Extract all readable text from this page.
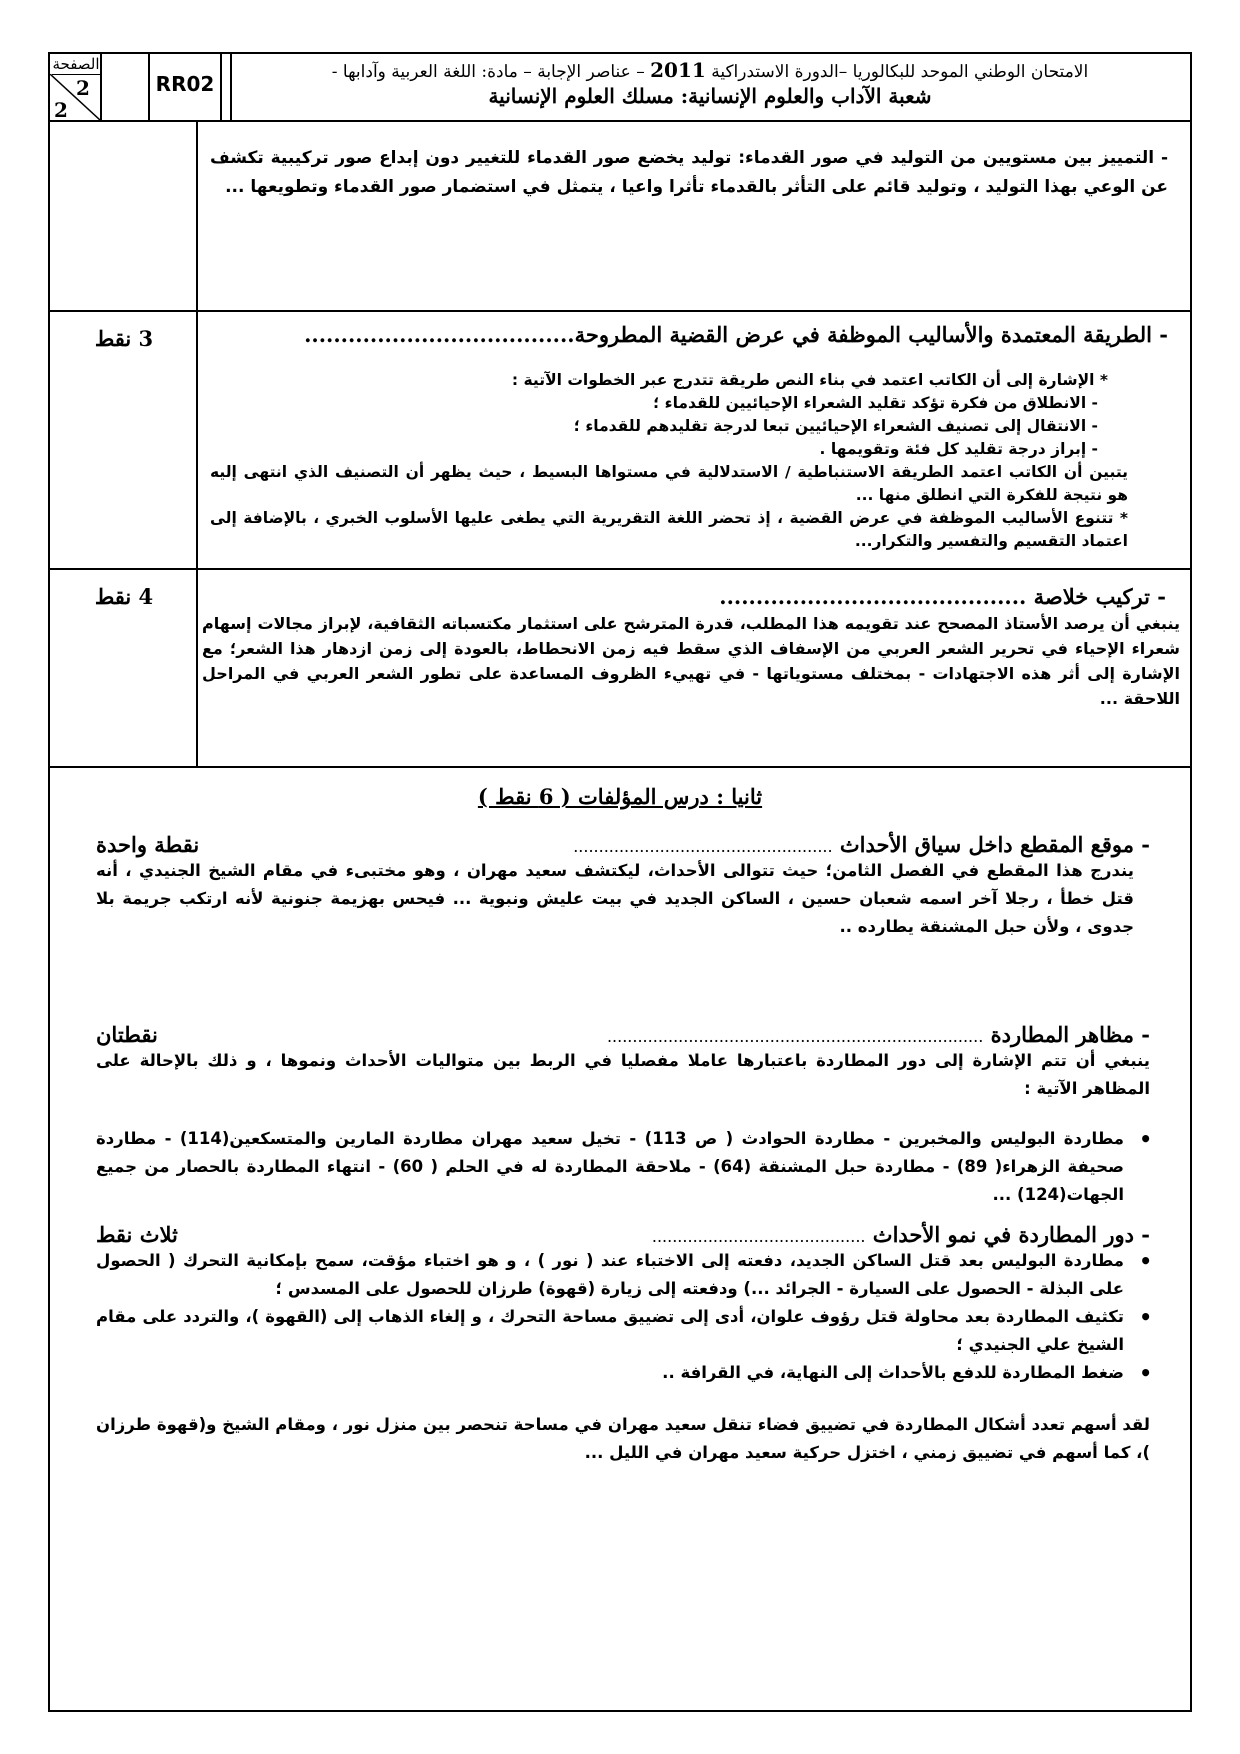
الصفحة
2
2
RR02	الامتحان الوطني الموحد للبكالوريا –الدورة الاستدراكية 2011 – عناصر الإجابة – مادة: اللغة العربية وآدابها -
شعبة الآداب والعلوم الإنسانية: مسلك العلوم الإنسانية
- التمييز بين مستويين من التوليد في صور القدماء: توليد يخضع صور القدماء للتغيير دون إبداع صور تركيبية تكشف عن الوعي بهذا التوليد ، وتوليد قائم على التأثر بالقدماء تأثرا واعيا ، يتمثل في استضمار صور القدماء وتطويعها ...
3 نقط	- الطريقة المعتمدة والأساليب الموظفة في عرض القضية المطروحة.....................................
* الإشارة إلى أن الكاتب اعتمد في بناء النص طريقة تتدرج عبر الخطوات الآتية :
- الانطلاق من فكرة تؤكد تقليد الشعراء الإحيائيين للقدماء ؛
- الانتقال إلى تصنيف الشعراء الإحيائيين تبعا لدرجة تقليدهم للقدماء ؛
- إبراز درجة تقليد كل فئة وتقويمها .
يتبين أن الكاتب اعتمد الطريقة الاستنباطية / الاستدلالية في مستواها البسيط ، حيث يظهر أن التصنيف الذي انتهى إليه هو نتيجة للفكرة التي انطلق منها ...
* تتنوع الأساليب الموظفة في عرض القضية ، إذ تحضر اللغة التقريرية التي يطغى عليها الأسلوب الخبري ، بالإضافة إلى اعتماد التقسيم والتفسير والتكرار...
4 نقط	- تركيب خلاصة ..........................................
ينبغي أن يرصد الأستاذ المصحح عند تقويمه هذا المطلب، قدرة المترشح على استثمار مكتسباته الثقافية، لإبراز مجالات إسهام شعراء الإحياء في تحرير الشعر العربي من الإسفاف الذي سقط فيه زمن الانحطاط، بالعودة إلى زمن ازدهار هذا الشعر؛ مع الإشارة إلى أثر هذه الاجتهادات - بمختلف مستوياتها - في تهييء الظروف المساعدة على تطور الشعر العربي في المراحل اللاحقة ...
ثانيا : درس المؤلفات ( 6 نقط )
- موقع المقطع داخل سياق الأحداث ...................................................
نقطة واحدة
يندرج هذا المقطع في الفصل الثامن؛ حيث تتوالى الأحداث، ليكتشف سعيد مهران ، وهو مختبىء في مقام الشيخ الجنيدي ، أنه قتل خطأ ، رجلا آخر اسمه شعبان حسين ، الساكن الجديد في بيت عليش ونبوية ... فيحس بهزيمة جنونية لأنه ارتكب جريمة بلا جدوى ، ولأن حبل المشنقة يطارده ..
- مظاهر المطاردة ..........................................................................
نقطتان
ينبغي أن تتم الإشارة إلى دور المطاردة باعتبارها عاملا مفصليا في الربط بين متواليات الأحداث ونموها ، و ذلك بالإحالة على المظاهر الآتية :
• مطاردة البوليس والمخبرين - مطاردة الحوادث ( ص 113) - تخيل سعيد مهران مطاردة المارين والمتسكعين(114) - مطاردة صحيفة الزهراء( 89) - مطاردة حبل المشنقة (64) - ملاحقة المطاردة له في الحلم ( 60) - انتهاء المطاردة بالحصار من جميع الجهات(124) ...
- دور المطاردة في نمو الأحداث ..........................................
ثلاث نقط
• مطاردة البوليس بعد قتل الساكن الجديد، دفعته إلى الاختباء عند ( نور ) ، و هو اختباء مؤقت، سمح بإمكانية التحرك ( الحصول على البذلة - الحصول على السيارة - الجرائد ...) ودفعته إلى زيارة (قهوة) طرزان للحصول على المسدس ؛
• تكثيف المطاردة بعد محاولة قتل رؤوف علوان، أدى إلى تضييق مساحة التحرك ، و إلغاء الذهاب إلى (القهوة )، والتردد على مقام الشيخ علي الجنيدي ؛
• ضغط المطاردة للدفع بالأحداث إلى النهاية، في القرافة ..
لقد أسهم تعدد أشكال المطاردة في تضييق فضاء تنقل سعيد مهران في مساحة تنحصر بين منزل نور ، ومقام الشيخ و(قهوة طرزان )، كما أسهم في تضييق زمني ، اختزل حركية سعيد مهران في الليل ...
